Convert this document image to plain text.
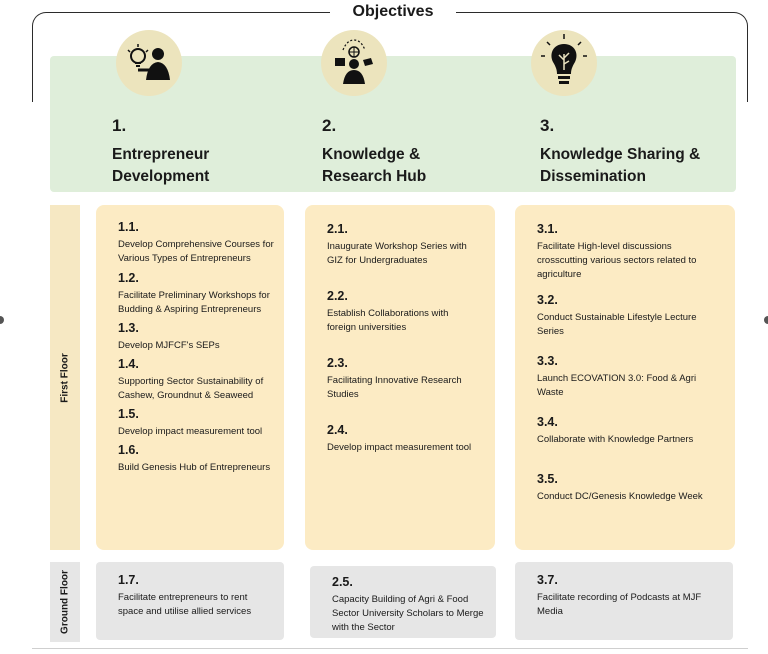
Objectives
1.
Entrepreneur
Development
2.
Knowledge &
Research Hub
3.
Knowledge Sharing &
Dissemination
First Floor
Ground Floor
1.1.
Develop Comprehensive Courses for Various Types of Entrepreneurs
1.2.
Facilitate Preliminary Workshops for Budding & Aspiring Entrepreneurs
1.3.
Develop MJFCF's SEPs
1.4.
Supporting Sector Sustainability of Cashew, Groundnut & Seaweed
1.5.
Develop impact measurement tool
1.6.
Build Genesis Hub of Entrepreneurs
2.1.
Inaugurate Workshop Series with GIZ for Undergraduates
2.2.
Establish Collaborations with foreign universities
2.3.
Facilitating Innovative Research Studies
2.4.
Develop impact measurement tool
3.1.
Facilitate High-level discussions crosscutting various sectors related to agriculture
3.2.
Conduct Sustainable Lifestyle Lecture Series
3.3.
Launch ECOVATION 3.0: Food & Agri Waste
3.4.
Collaborate with Knowledge Partners
3.5.
Conduct DC/Genesis Knowledge Week
1.7.
Facilitate entrepreneurs to rent space and utilise allied services
2.5.
Capacity Building of Agri & Food Sector University Scholars to Merge with the Sector
3.7.
Facilitate recording of Podcasts at MJF Media
